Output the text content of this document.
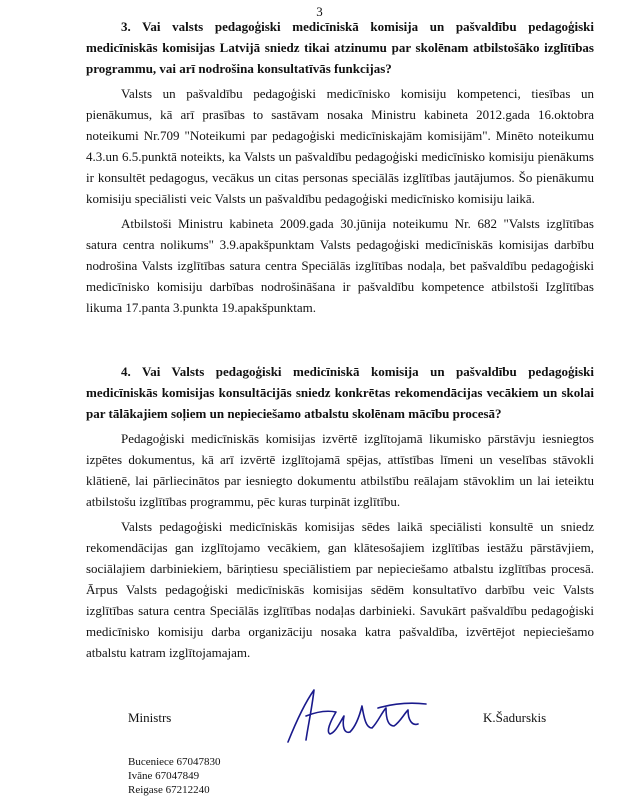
3

3. Vai valsts pedagoģiski medicīniskā komisija un pašvaldību pedagoģiski medicīniskās komisijas Latvijā sniedz tikai atzinumu par skolēnam atbilstošāko izglītības programmu, vai arī nodrošina konsultatīvās funkcijas?

Valsts un pašvaldību pedagoģiski medicīnisko komisiju kompetenci, tiesības un pienākumus, kā arī prasības to sastāvam nosaka Ministru kabineta 2012.gada 16.oktobra noteikumi Nr.709 "Noteikumi par pedagoģiski medicīniskajām komisijām". Minēto noteikumu 4.3.un 6.5.punktā noteikts, ka Valsts un pašvaldību pedagoģiski medicīnisko komisiju pienākums ir konsultēt pedagogus, vecākus un citas personas speciālās izglītības jautājumos. Šo pienākumu komisiju speciālisti veic Valsts un pašvaldību pedagoģiski medicīnisko komisiju laikā.

Atbilstoši Ministru kabineta 2009.gada 30.jūnija noteikumu Nr. 682 "Valsts izglītības satura centra nolikums" 3.9.apakšpunktam Valsts pedagoģiski medicīniskās komisijas darbību nodrošina Valsts izglītības satura centra Speciālās izglītības nodaļa, bet pašvaldību pedagoģiski medicīnisko komisiju darbības nodrošināšana ir pašvaldību kompetence atbilstoši Izglītības likuma 17.panta 3.punkta 19.apakšpunktam.

4. Vai Valsts pedagoģiski medicīniskā komisija un pašvaldību pedagoģiski medicīniskās komisijas konsultācijās sniedz konkrētas rekomendācijas vecākiem un skolai par tālākajiem soļiem un nepieciešamo atbalstu skolēnam mācību procesā?

Pedagoģiski medicīniskās komisijas izvērtē izglītojamā likumisko pārstāvju iesniegtos izpētes dokumentus, kā arī izvērtē izglītojamā spējas, attīstības līmeni un veselības stāvokli klātienē, lai pārliecinātos par iesniegto dokumentu atbilstību reālajam stāvoklim un lai ieteiktu atbilstošu izglītības programmu, pēc kuras turpināt izglītību.

Valsts pedagoģiski medicīniskās komisijas sēdes laikā speciālisti konsultē un sniedz rekomendācijas gan izglītojamo vecākiem, gan klātesošajiem izglītības iestāžu pārstāvjiem, sociālajiem darbiniekiem, bāriņtiesu speciālistiem par nepieciešamo atbalstu izglītības procesā. Ārpus Valsts pedagoģiski medicīniskās komisijas sēdēm konsultatīvo darbību veic Valsts izglītības satura centra Speciālās izglītības nodaļas darbinieki. Savukārt pašvaldību pedagoģiski medicīnisko komisiju darba organizāciju nosaka katra pašvaldība, izvērtējot nepieciešamo atbalstu katram izglītojamajam.

Ministrs	K.Šadurskis
Buceniece 67047830
Ivāne 67047849
Reigase 67212240
